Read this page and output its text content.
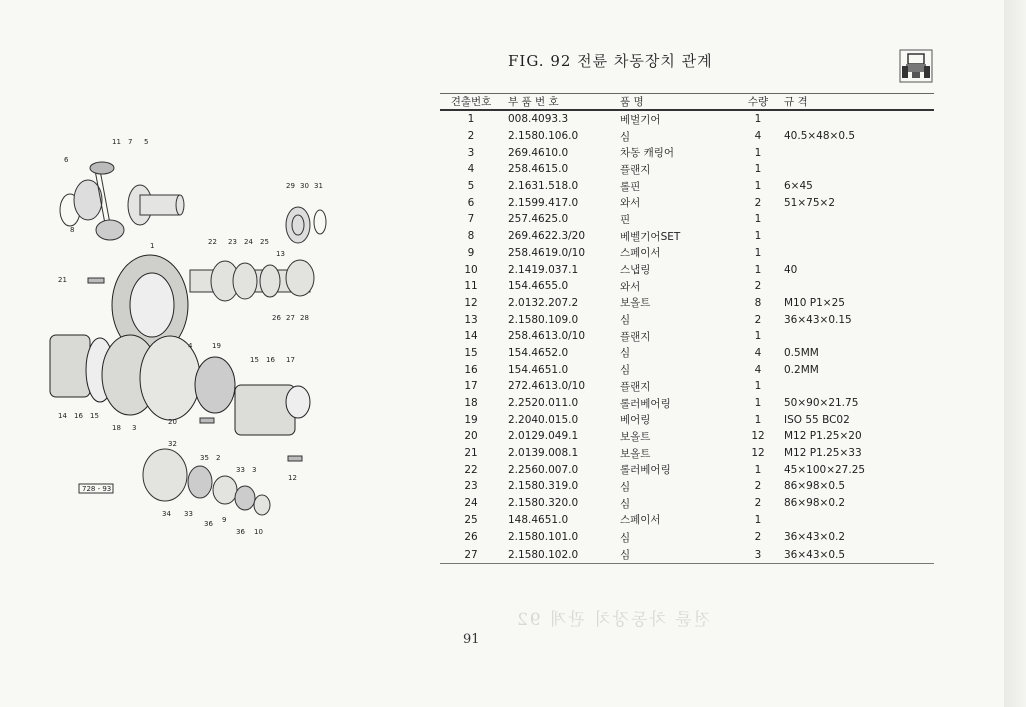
전륜 차동장치 관계 92
FIG. 92 전륜 차동장치 관계
728 - 93
11 7 5
6
29 30 31
8
22 23 24 25
1
13
21
26 27 28
4	19
15 16 17
14 16 15
18 3
20
32
35 2
33 3
12
34 33
36 9
36 10
견출번호	부 품 번 호	품 명	수량	규 격
1	008.4093.3	베벌기어	1	
2	2.1580.106.0	심	4	40.5×48×0.5
3	269.4610.0	차동 캐링어	1	
4	258.4615.0	플랜지	1	
5	2.1631.518.0	롤핀	1	6×45
6	2.1599.417.0	와서	2	51×75×2
7	257.4625.0	핀	1	
8	269.4622.3/20	베벨기어SET	1	
9	258.4619.0/10	스페이서	1	
10	2.1419.037.1	스냅링	1	40
11	154.4655.0	와서	2	
12	2.0132.207.2	보올트	8	M10 P1×25
13	2.1580.109.0	심	2	36×43×0.15
14	258.4613.0/10	플랜지	1	
15	154.4652.0	심	4	0.5MM
16	154.4651.0	심	4	0.2MM
17	272.4613.0/10	플랜지	1	
18	2.2520.011.0	롤러베어링	1	50×90×21.75
19	2.2040.015.0	베어링	1	ISO 55 BC02
20	2.0129.049.1	보올트	12	M12 P1.25×20
21	2.0139.008.1	보올트	12	M12 P1.25×33
22	2.2560.007.0	롤러베어링	1	45×100×27.25
23	2.1580.319.0	심	2	86×98×0.5
24	2.1580.320.0	심	2	86×98×0.2
25	148.4651.0	스페이서	1	
26	2.1580.101.0	심	2	36×43×0.2
27	2.1580.102.0	심	3	36×43×0.5
91
